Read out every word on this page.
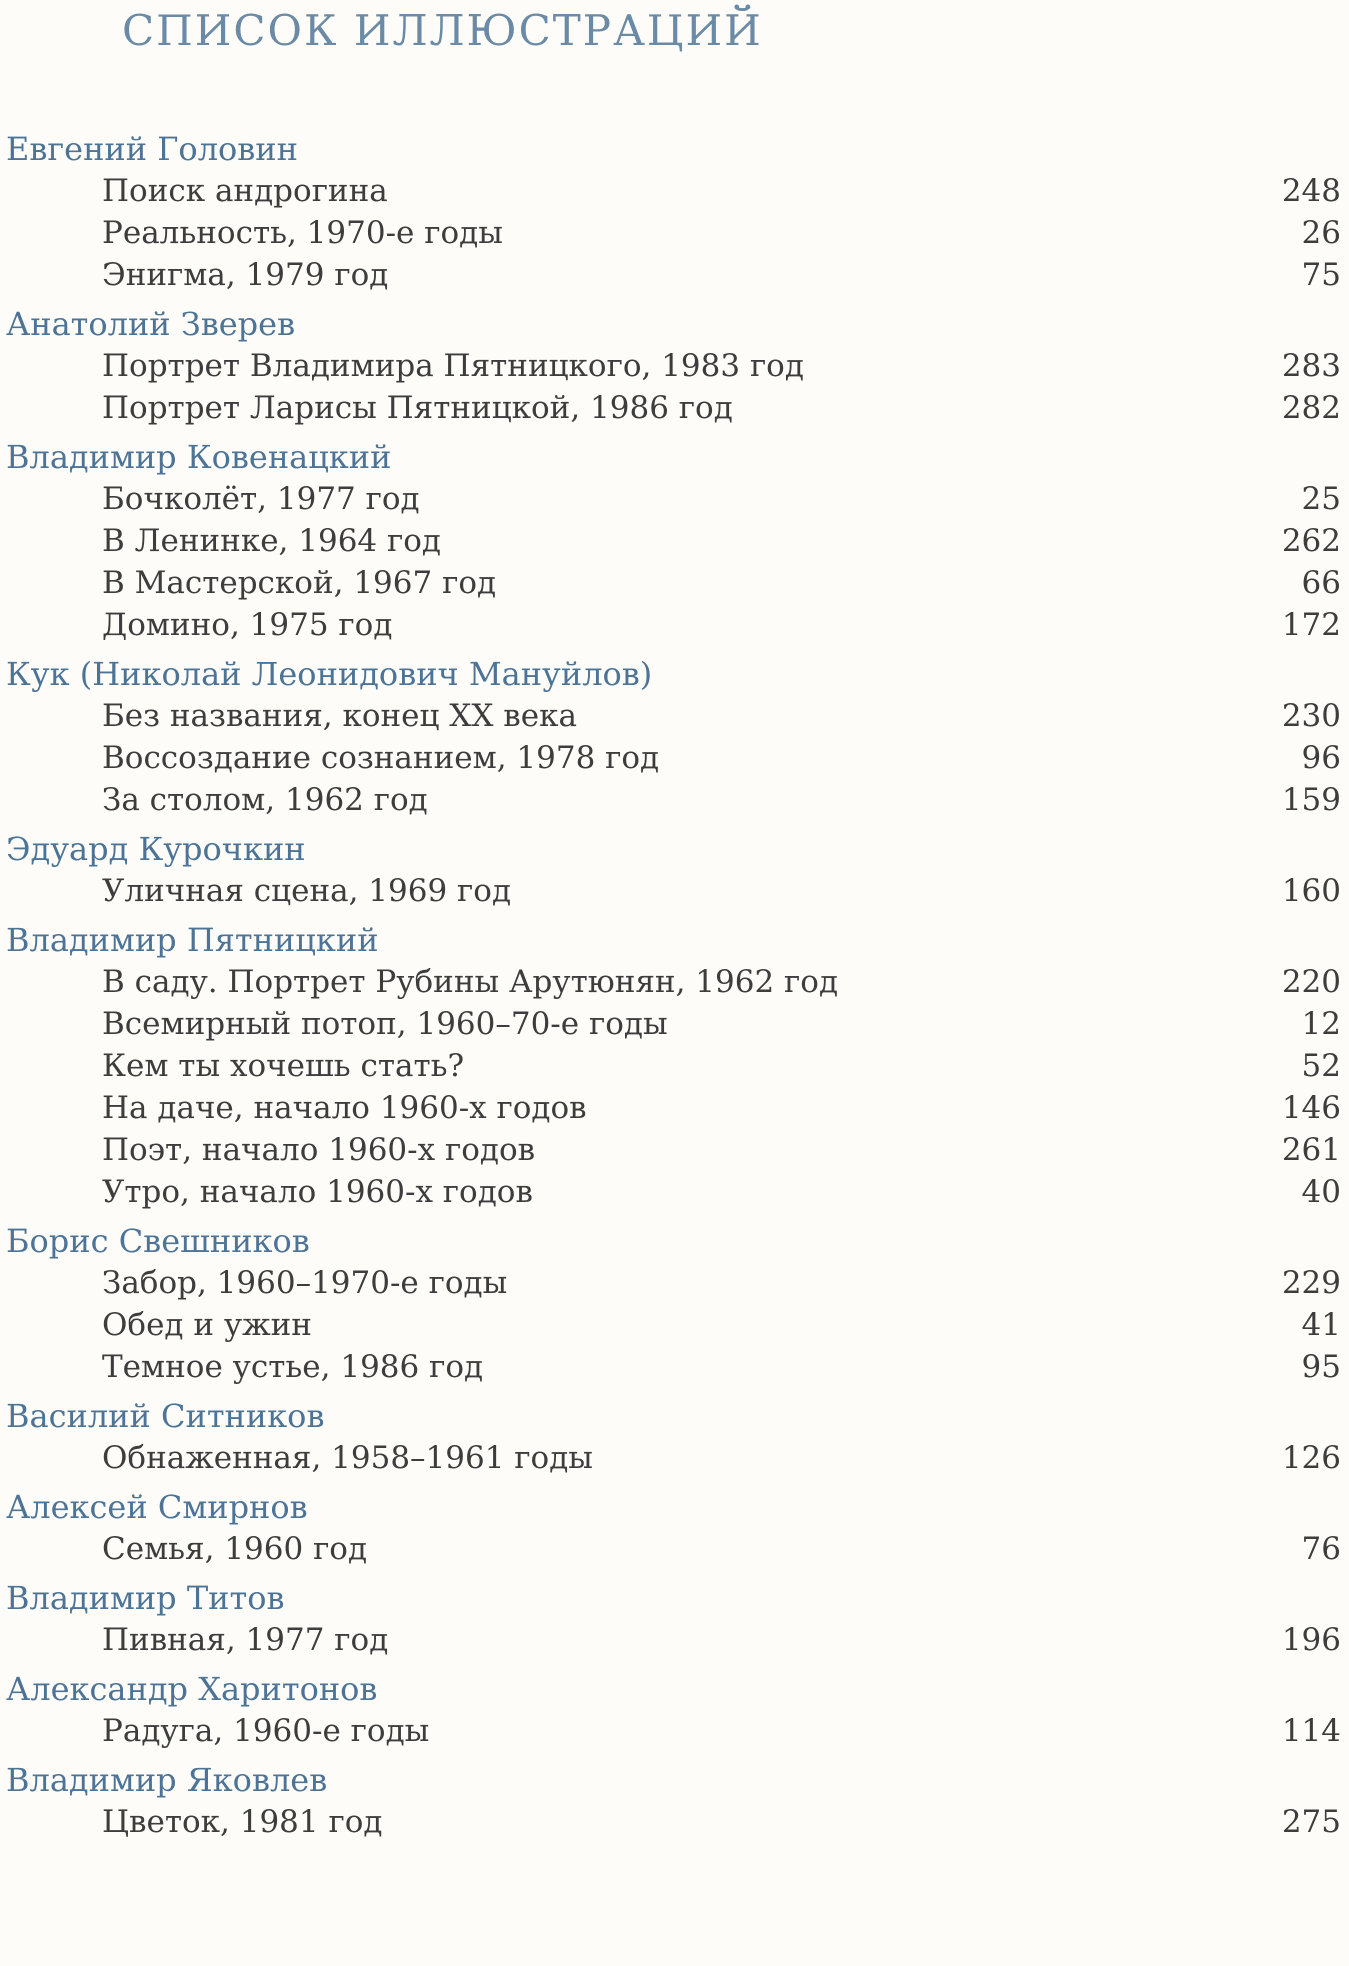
СПИСОК ИЛЛЮСТРАЦИЙ
Евгений Головин
Поиск андрогина	248
Реальность, 1970-е годы	26
Энигма, 1979 год	75
Анатолий Зверев
Портрет Владимира Пятницкого, 1983 год	283
Портрет Ларисы Пятницкой, 1986 год	282
Владимир Ковенацкий
Бочколёт, 1977 год	25
В Ленинке, 1964 год	262
В Мастерской, 1967 год	66
Домино, 1975 год	172
Кук (Николай Леонидович Мануйлов)
Без названия, конец XX века	230
Воссоздание сознанием, 1978 год	96
За столом, 1962 год	159
Эдуард Курочкин
Уличная сцена, 1969 год	160
Владимир Пятницкий
В саду. Портрет Рубины Арутюнян, 1962 год	220
Всемирный потоп, 1960–70-е годы	12
Кем ты хочешь стать?	52
На даче, начало 1960-х годов	146
Поэт, начало 1960-х годов	261
Утро, начало 1960-х годов	40
Борис Свешников
Забор, 1960–1970-е годы	229
Обед и ужин	41
Темное устье, 1986 год	95
Василий Ситников
Обнаженная, 1958–1961 годы	126
Алексей Смирнов
Семья, 1960 год	76
Владимир Титов
Пивная, 1977 год	196
Александр Харитонов
Радуга, 1960-е годы	114
Владимир Яковлев
Цветок, 1981 год	275
